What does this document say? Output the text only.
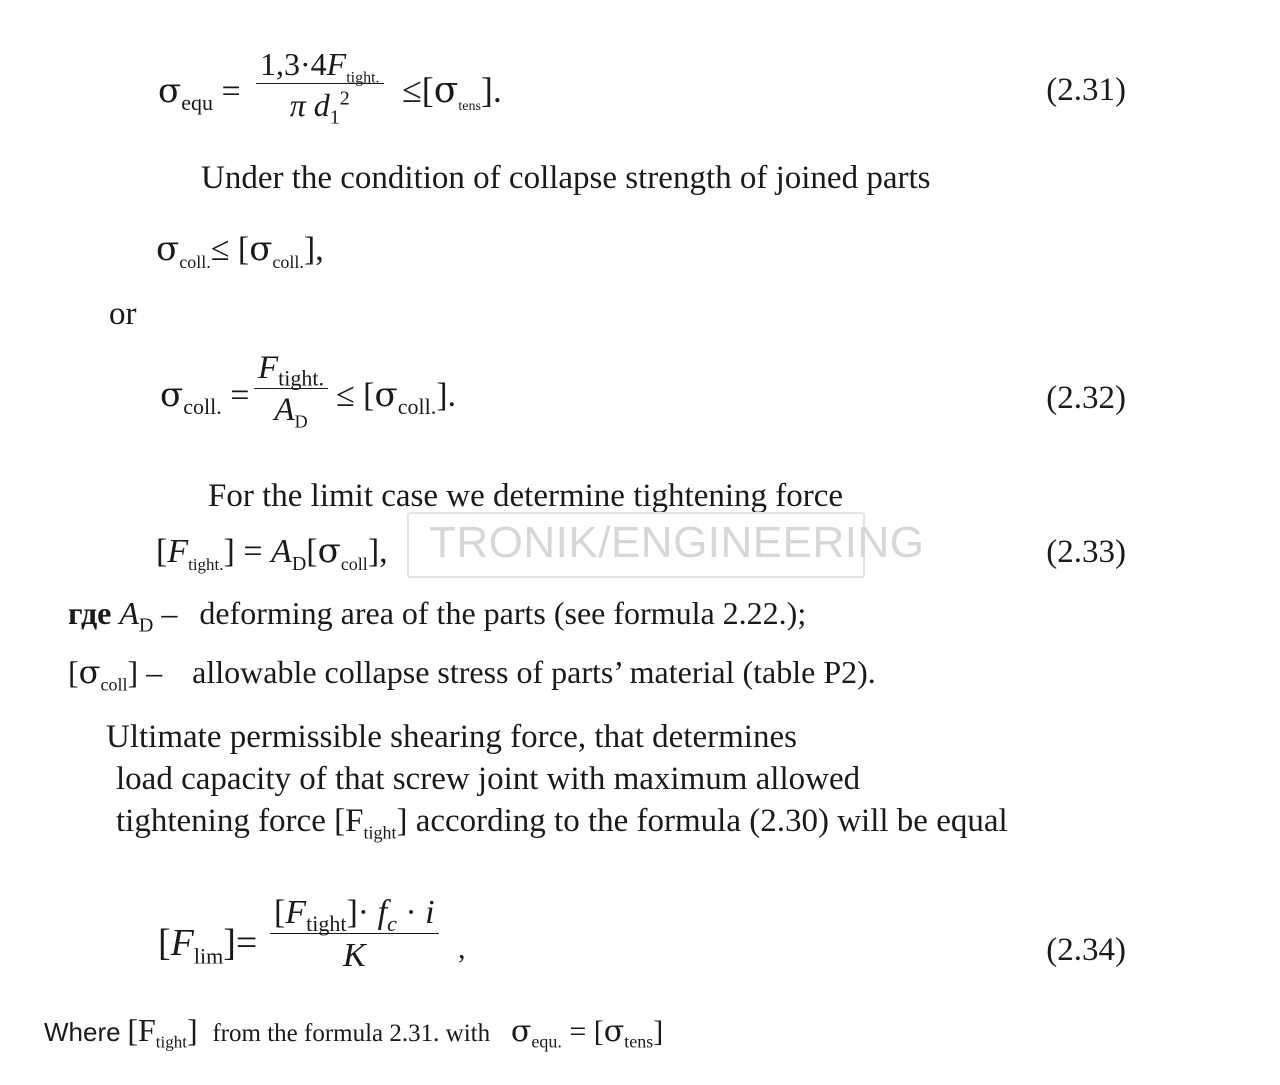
$\sigma_{equ}$ =
$1,3\cdot 4F_{tight.}$
π $d_1^2 \le[\sigma_{tens}]$.	(2.31)
Under the condition of collapse strength of joined parts
$\sigma_{coll.}\le [\sigma_{coll.}]$,
or
$\sigma_{coll.}$ =
$F_{tight.}$
$A_D$
≤ $[\sigma_{coll.}]$.	(2.32)
For the limit case we determine tightening force
TRONIK/ENGINEERING
$[F_{tight.}] = A_D[\sigma_{coll}]$,	(2.33)
где $A_D$ – deforming area of the parts (see formula 2.22.);
$[\sigma_{coll}]$ – allowable collapse stress of parts’ material (table P2).
Ultimate permissible shearing force, that determines
load capacity of that screw joint with maximum allowed
tightening force $[F_{tight}]$ according to the formula (2.30) will be equal
$[F_{lim}]=$
$[F_{tight}]\cdot f_c \cdot i$
K	,	(2.34)
Where $[F_{tight}]$ from the formula 2.31. with $\sigma_{equ.} = [\sigma_{tens}]$
